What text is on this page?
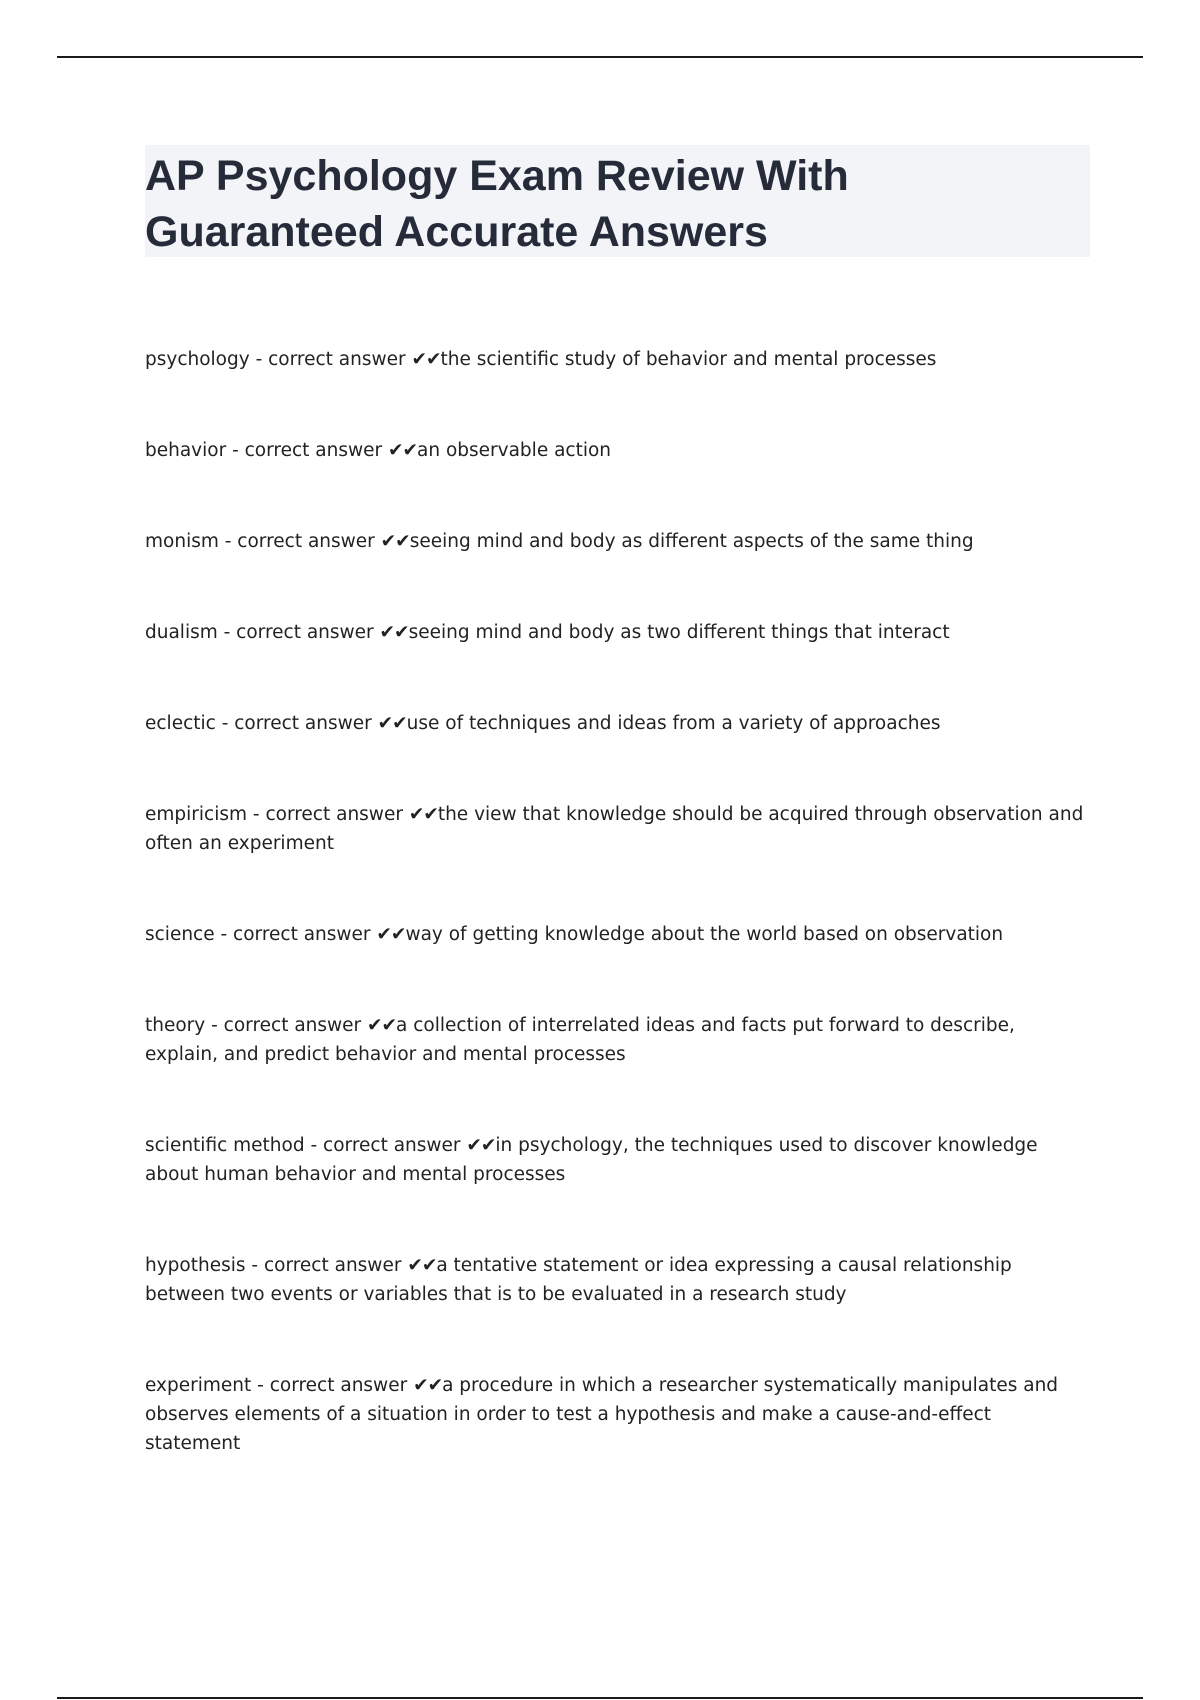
AP Psychology Exam Review With Guaranteed Accurate Answers

psychology - correct answer ✔✔the scientific study of behavior and mental processes

behavior - correct answer ✔✔an observable action

monism - correct answer ✔✔seeing mind and body as different aspects of the same thing

dualism - correct answer ✔✔seeing mind and body as two different things that interact

eclectic - correct answer ✔✔use of techniques and ideas from a variety of approaches

empiricism - correct answer ✔✔the view that knowledge should be acquired through observation and often an experiment

science - correct answer ✔✔way of getting knowledge about the world based on observation

theory - correct answer ✔✔a collection of interrelated ideas and facts put forward to describe, explain, and predict behavior and mental processes

scientific method - correct answer ✔✔in psychology, the techniques used to discover knowledge about human behavior and mental processes

hypothesis - correct answer ✔✔a tentative statement or idea expressing a causal relationship between two events or variables that is to be evaluated in a research study

experiment - correct answer ✔✔a procedure in which a researcher systematically manipulates and observes elements of a situation in order to test a hypothesis and make a cause-and-effect statement
